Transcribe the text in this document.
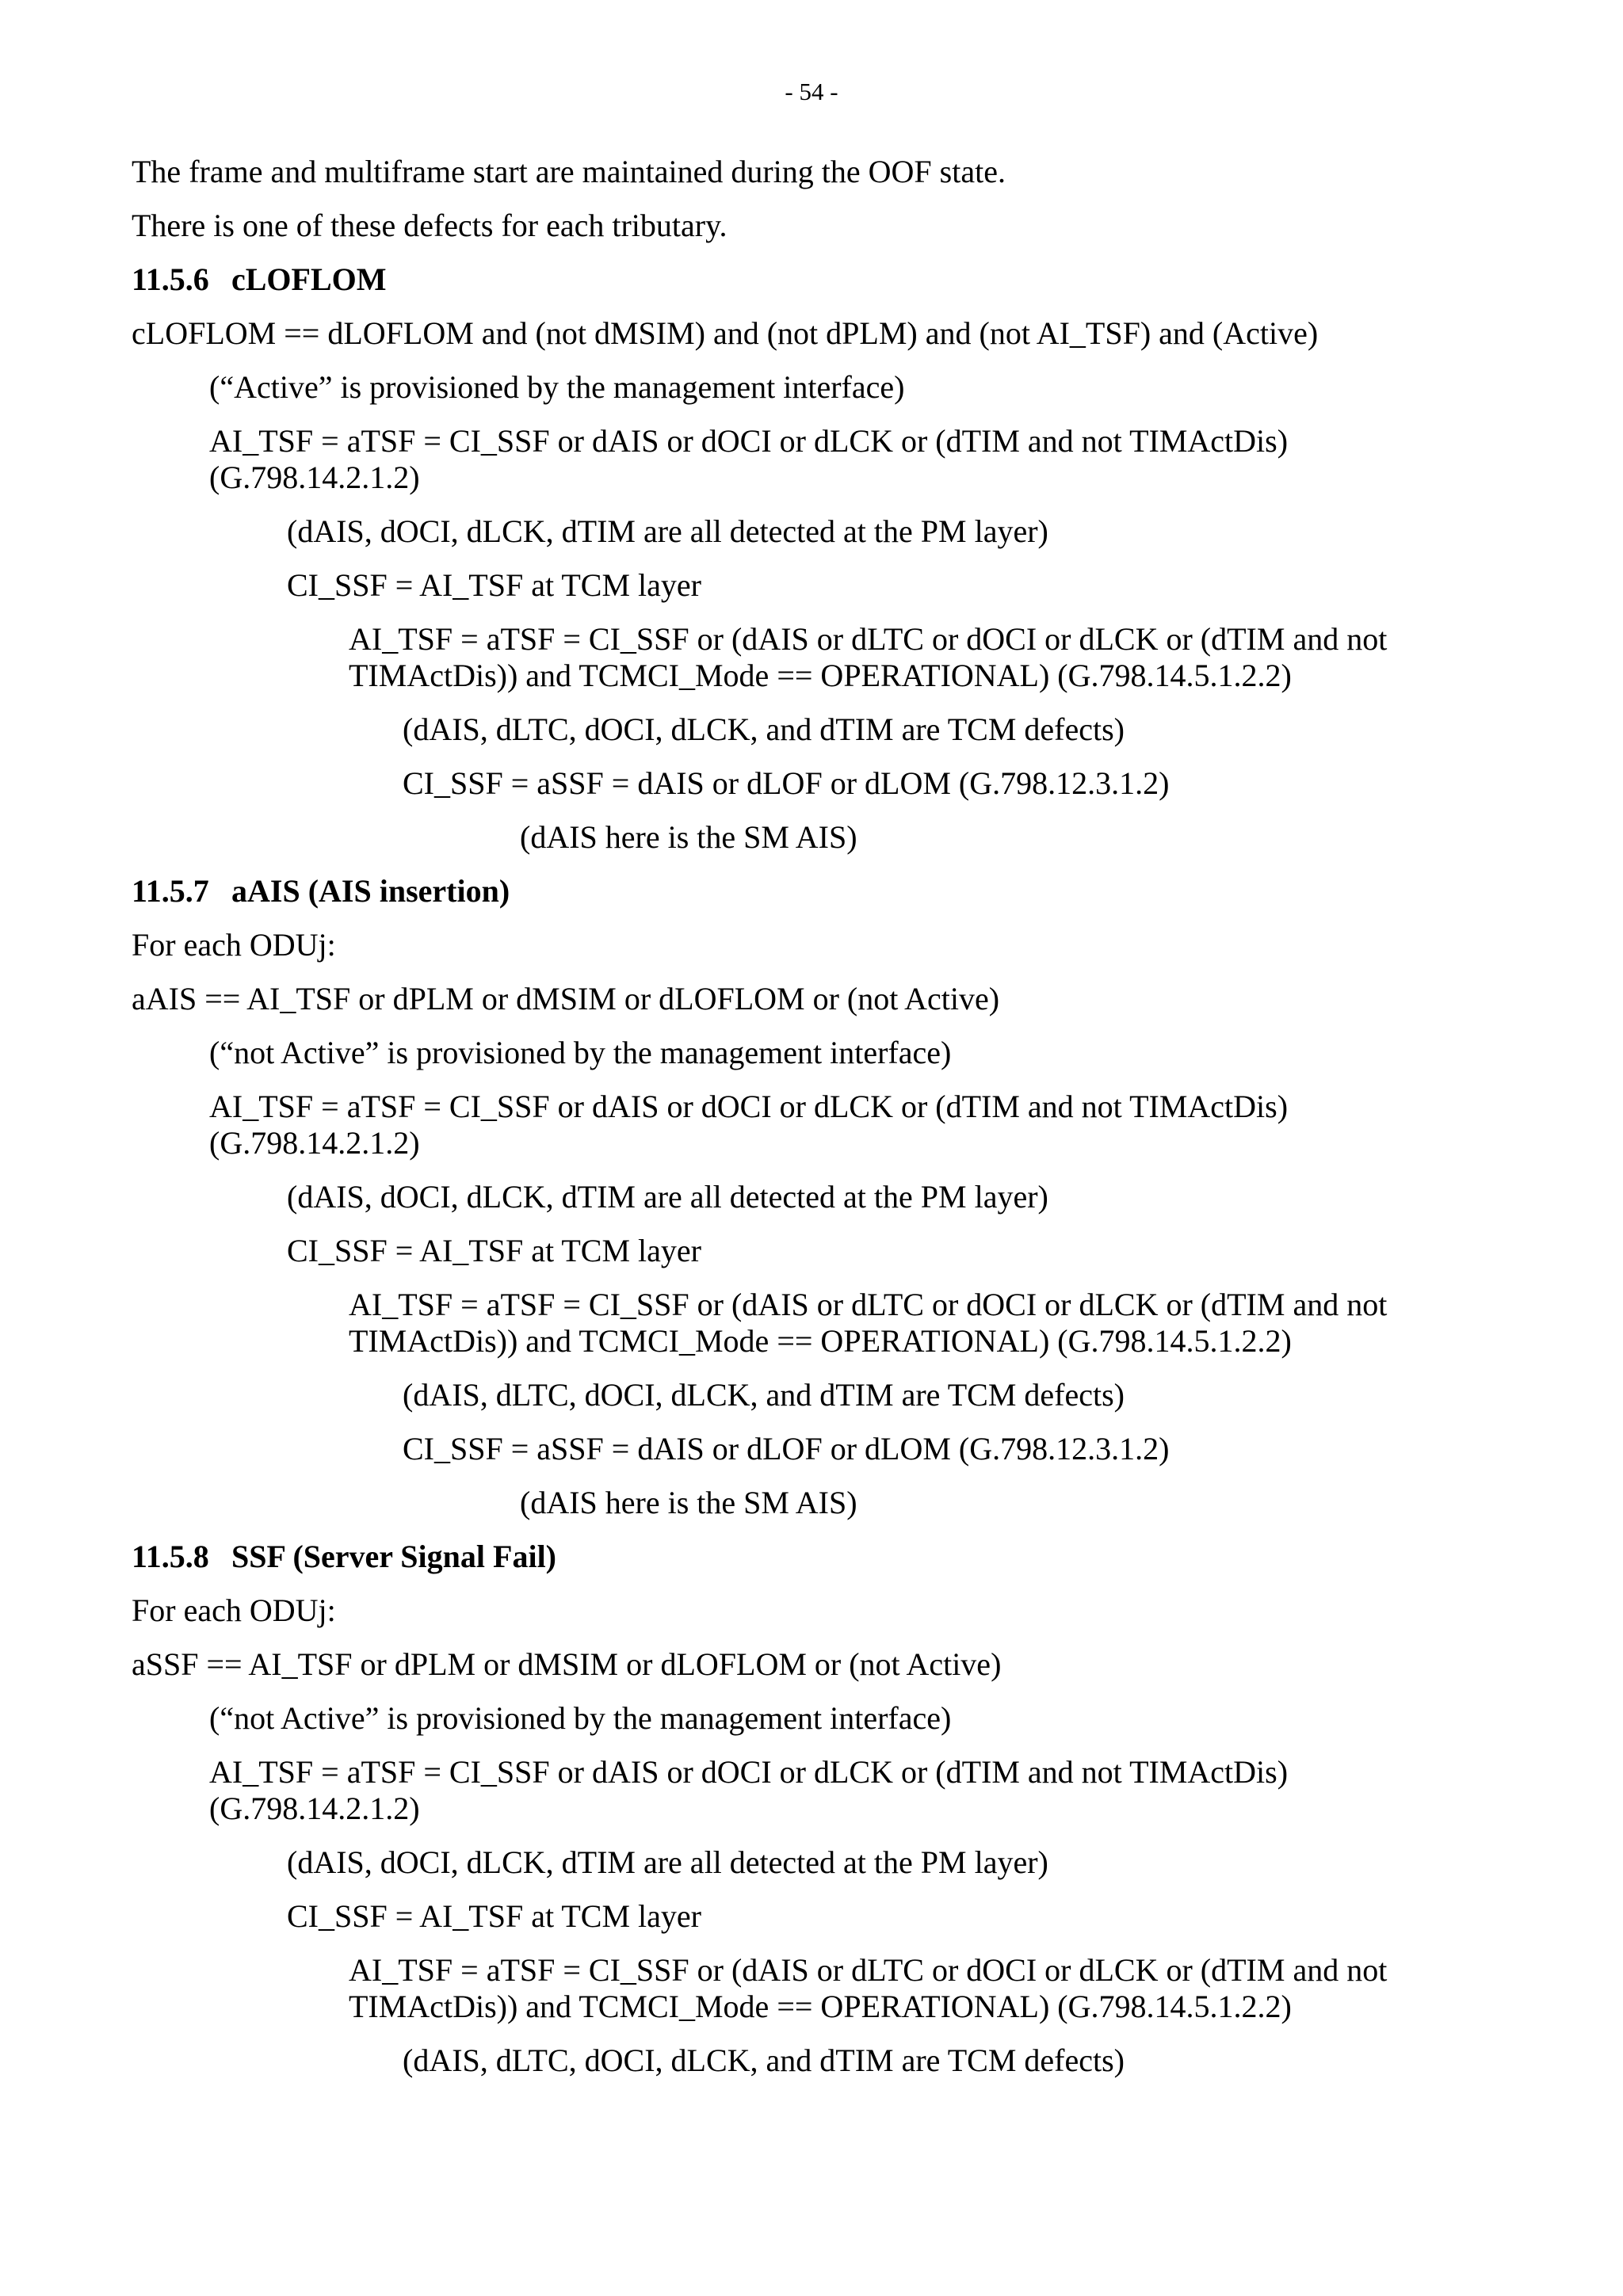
- 54 -
The frame and multiframe start are maintained during the OOF state.
There is one of these defects for each tributary.
11.5.6 cLOFLOM
cLOFLOM == dLOFLOM and (not dMSIM) and (not dPLM) and (not AI_TSF) and (Active)
(“Active” is provisioned by the management interface)
AI_TSF = aTSF = CI_SSF or dAIS or dOCI or dLCK or (dTIM and not TIMActDis) (G.798.14.2.1.2)
(dAIS, dOCI, dLCK, dTIM are all detected at the PM layer)
CI_SSF = AI_TSF at TCM layer
AI_TSF = aTSF = CI_SSF or (dAIS or dLTC or dOCI or dLCK or (dTIM and not TIMActDis)) and TCMCI_Mode == OPERATIONAL) (G.798.14.5.1.2.2)
(dAIS, dLTC, dOCI, dLCK, and dTIM are TCM defects)
CI_SSF = aSSF = dAIS or dLOF or dLOM (G.798.12.3.1.2)
(dAIS here is the SM AIS)
11.5.7 aAIS (AIS insertion)
For each ODUj:
aAIS == AI_TSF or dPLM or dMSIM or dLOFLOM or (not Active)
(“not Active” is provisioned by the management interface)
AI_TSF = aTSF = CI_SSF or dAIS or dOCI or dLCK or (dTIM and not TIMActDis) (G.798.14.2.1.2)
(dAIS, dOCI, dLCK, dTIM are all detected at the PM layer)
CI_SSF = AI_TSF at TCM layer
AI_TSF = aTSF = CI_SSF or (dAIS or dLTC or dOCI or dLCK or (dTIM and not TIMActDis)) and TCMCI_Mode == OPERATIONAL) (G.798.14.5.1.2.2)
(dAIS, dLTC, dOCI, dLCK, and dTIM are TCM defects)
CI_SSF = aSSF = dAIS or dLOF or dLOM (G.798.12.3.1.2)
(dAIS here is the SM AIS)
11.5.8 SSF (Server Signal Fail)
For each ODUj:
aSSF == AI_TSF or dPLM or dMSIM or dLOFLOM or (not Active)
(“not Active” is provisioned by the management interface)
AI_TSF = aTSF = CI_SSF or dAIS or dOCI or dLCK or (dTIM and not TIMActDis) (G.798.14.2.1.2)
(dAIS, dOCI, dLCK, dTIM are all detected at the PM layer)
CI_SSF = AI_TSF at TCM layer
AI_TSF = aTSF = CI_SSF or (dAIS or dLTC or dOCI or dLCK or (dTIM and not TIMActDis)) and TCMCI_Mode == OPERATIONAL) (G.798.14.5.1.2.2)
(dAIS, dLTC, dOCI, dLCK, and dTIM are TCM defects)
